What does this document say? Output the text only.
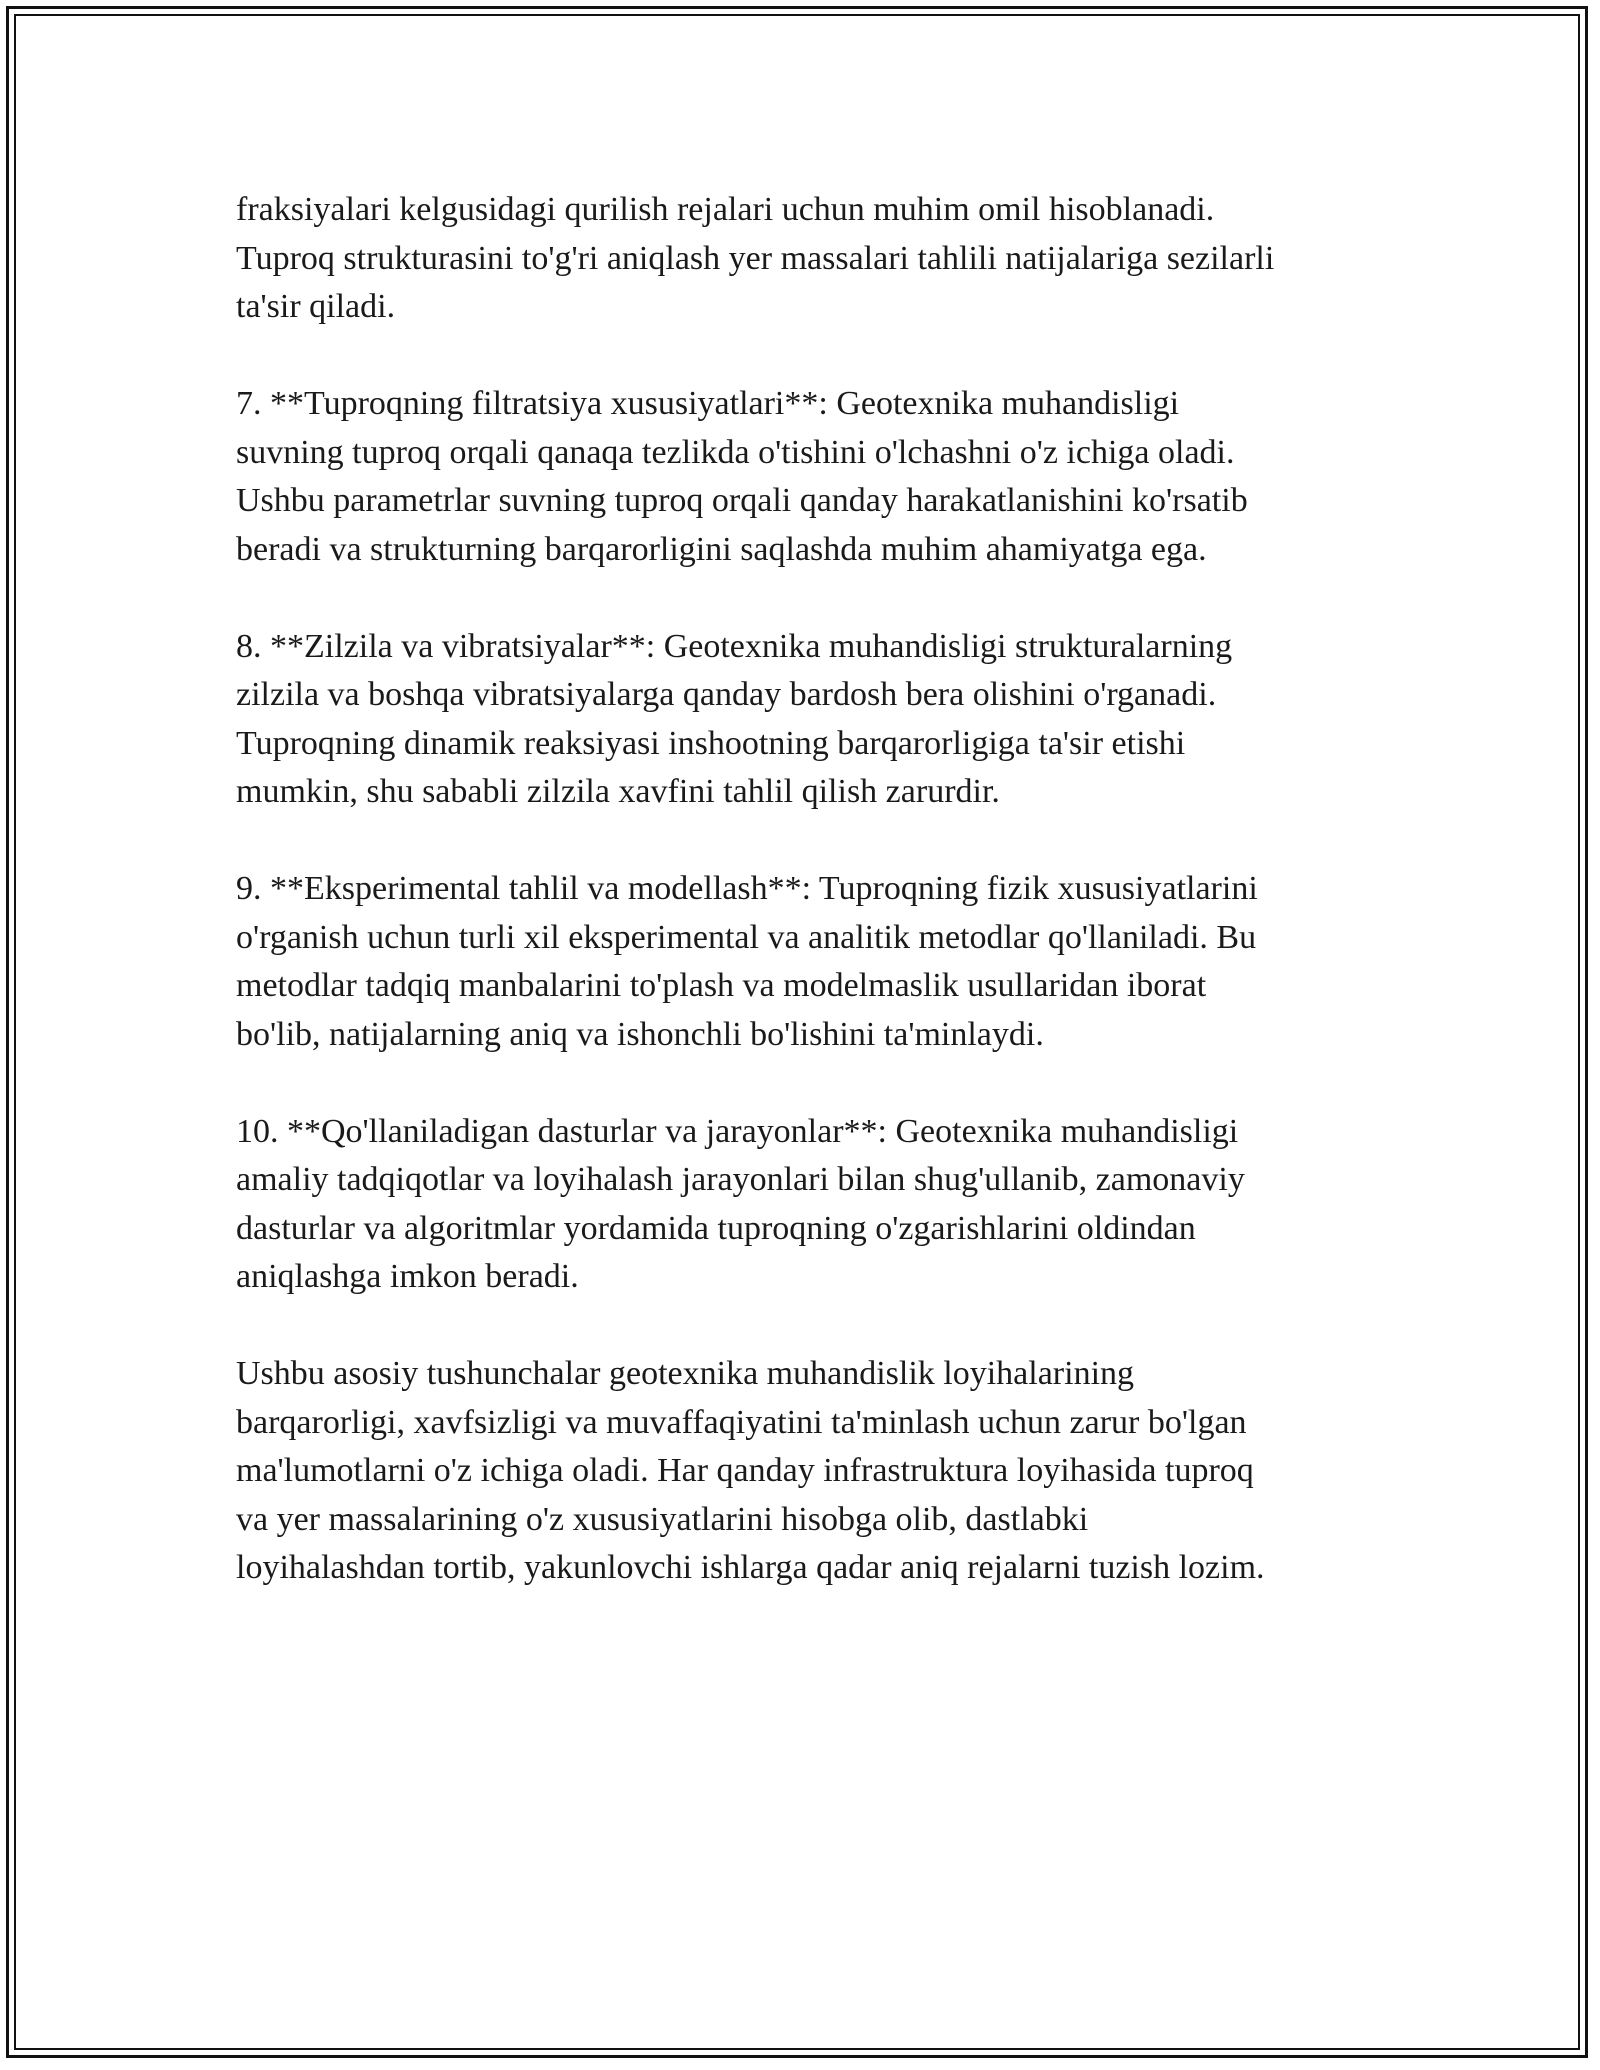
fraksiyalari kelgusidagi qurilish rejalari uchun muhim omil hisoblanadi.
Tuproq strukturasini to'g'ri aniqlash yer massalari tahlili natijalariga sezilarli
ta'sir qiladi.

7. **Tuproqning filtratsiya xususiyatlari**: Geotexnika muhandisligi
suvning tuproq orqali qanaqa tezlikda o'tishini o'lchashni o'z ichiga oladi.
Ushbu parametrlar suvning tuproq orqali qanday harakatlanishini ko'rsatib
beradi va strukturning barqarorligini saqlashda muhim ahamiyatga ega.

8. **Zilzila va vibratsiyalar**: Geotexnika muhandisligi strukturalarning
zilzila va boshqa vibratsiyalarga qanday bardosh bera olishini o'rganadi.
Tuproqning dinamik reaksiyasi inshootning barqarorligiga ta'sir etishi
mumkin, shu sababli zilzila xavfini tahlil qilish zarurdir.

9. **Eksperimental tahlil va modellash**: Tuproqning fizik xususiyatlarini
o'rganish uchun turli xil eksperimental va analitik metodlar qo'llaniladi. Bu
metodlar tadqiq manbalarini to'plash va modelmaslik usullaridan iborat
bo'lib, natijalarning aniq va ishonchli bo'lishini ta'minlaydi.

10. **Qo'llaniladigan dasturlar va jarayonlar**: Geotexnika muhandisligi
amaliy tadqiqotlar va loyihalash jarayonlari bilan shug'ullanib, zamonaviy
dasturlar va algoritmlar yordamida tuproqning o'zgarishlarini oldindan
aniqlashga imkon beradi.

Ushbu asosiy tushunchalar geotexnika muhandislik loyihalarining
barqarorligi, xavfsizligi va muvaffaqiyatini ta'minlash uchun zarur bo'lgan
ma'lumotlarni o'z ichiga oladi. Har qanday infrastruktura loyihasida tuproq
va yer massalarining o'z xususiyatlarini hisobga olib, dastlabki
loyihalashdan tortib, yakunlovchi ishlarga qadar aniq rejalarni tuzish lozim.
